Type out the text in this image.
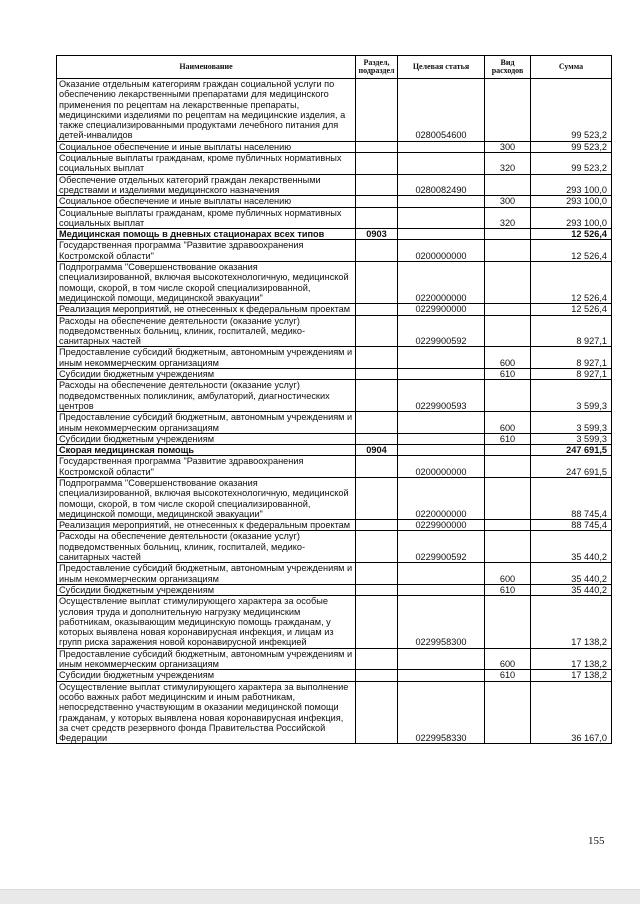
Наименование	Раздел, подраздел	Целевая статья	Вид расходов	Сумма
Оказание отдельным категориям граждан социальной услуги по обеспечению лекарственными препаратами для медицинского применения по рецептам на лекарственные препараты, медицинскими изделиями по рецептам на медицинские изделия, а также специализированными продуктами лечебного питания для детей-инвалидов		0280054600		99 523,2
Социальное обеспечение и иные выплаты населению			300	99 523,2
Социальные выплаты гражданам, кроме публичных нормативных социальных выплат			320	99 523,2
Обеспечение отдельных категорий граждан лекарственными средствами и изделиями медицинского назначения		0280082490		293 100,0
Социальное обеспечение и иные выплаты населению			300	293 100,0
Социальные выплаты гражданам, кроме публичных нормативных социальных выплат			320	293 100,0
Медицинская помощь в дневных стационарах всех типов	0903			12 526,4
Государственная программа "Развитие здравоохранения Костромской области"		0200000000		12 526,4
Подпрограмма "Совершенствование оказания специализированной, включая высокотехнологичную, медицинской помощи, скорой, в том числе скорой специализированной, медицинской помощи, медицинской эвакуации"		0220000000		12 526,4
Реализация мероприятий, не отнесенных к федеральным проектам		0229900000		12 526,4
Расходы на обеспечение деятельности (оказание услуг) подведомственных больниц, клиник, госпиталей, медико-санитарных частей		0229900592		8 927,1
Предоставление субсидий бюджетным, автономным учреждениям и иным некоммерческим организациям			600	8 927,1
Субсидии бюджетным учреждениям			610	8 927,1
Расходы на обеспечение деятельности (оказание услуг) подведомственных поликлиник, амбулаторий, диагностических центров		0229900593		3 599,3
Предоставление субсидий бюджетным, автономным учреждениям и иным некоммерческим организациям			600	3 599,3
Субсидии бюджетным учреждениям			610	3 599,3
Скорая медицинская помощь	0904			247 691,5
Государственная программа "Развитие здравоохранения Костромской области"		0200000000		247 691,5
Подпрограмма "Совершенствование оказания специализированной, включая высокотехнологичную, медицинской помощи, скорой, в том числе скорой специализированной, медицинской помощи, медицинской эвакуации"		0220000000		88 745,4
Реализация мероприятий, не отнесенных к федеральным проектам		0229900000		88 745,4
Расходы на обеспечение деятельности (оказание услуг) подведомственных больниц, клиник, госпиталей, медико-санитарных частей		0229900592		35 440,2
Предоставление субсидий бюджетным, автономным учреждениям и иным некоммерческим организациям			600	35 440,2
Субсидии бюджетным учреждениям			610	35 440,2
Осуществление выплат стимулирующего характера за особые условия труда и дополнительную нагрузку медицинским работникам, оказывающим медицинскую помощь гражданам, у которых выявлена новая коронавирусная инфекция, и лицам из групп риска заражения новой коронавирусной инфекцией		0229958300		17 138,2
Предоставление субсидий бюджетным, автономным учреждениям и иным некоммерческим организациям			600	17 138,2
Субсидии бюджетным учреждениям			610	17 138,2
Осуществление выплат стимулирующего характера за выполнение особо важных работ медицинским и иным работникам, непосредственно участвующим в оказании медицинской помощи гражданам, у которых выявлена новая коронавирусная инфекция, за счет средств резервного фонда Правительства Российской Федерации		0229958330		36 167,0
155
